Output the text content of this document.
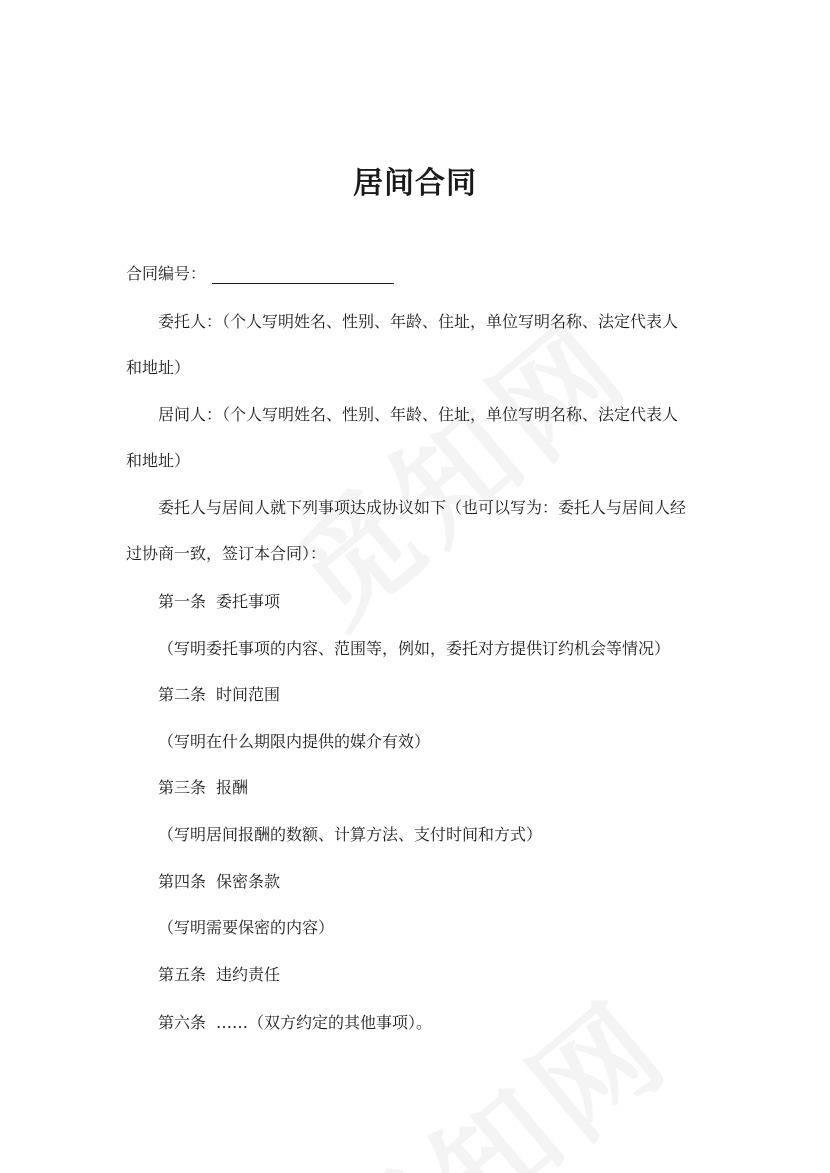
居间合同
合同编号：
委托人：（个人写明姓名、性别、年龄、住址，单位写明名称、法定代表人
和地址）
居间人：（个人写明姓名、性别、年龄、住址，单位写明名称、法定代表人
和地址）
委托人与居间人就下列事项达成协议如下（也可以写为：委托人与居间人经
过协商一致，签订本合同）：
第一条 委托事项
（写明委托事项的内容、范围等，例如，委托对方提供订约机会等情况）
第二条 时间范围
（写明在什么期限内提供的媒介有效）
第三条 报酬
（写明居间报酬的数额、计算方法、支付时间和方式）
第四条 保密条款
（写明需要保密的内容）
第五条 违约责任
第六条 ……（双方约定的其他事项）。
